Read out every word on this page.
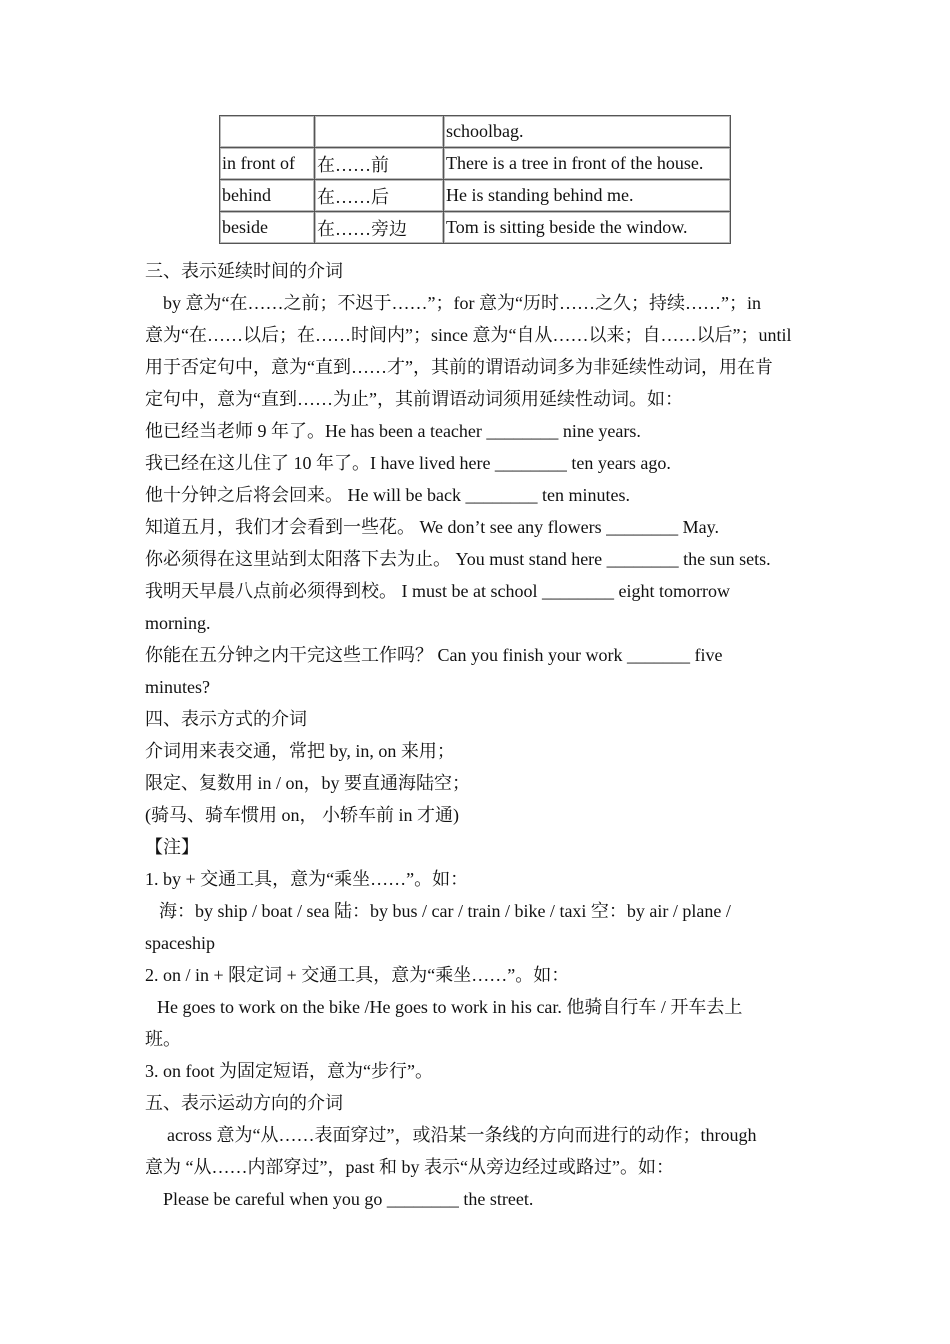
		schoolbag.
in front of	在……前	There is a tree in front of the house.
behind	在……后	He is standing behind me.
beside	在……旁边	Tom is sitting beside the window.
三、表示延续时间的介词
by 意为“在……之前；不迟于……”；for 意为“历时……之久；持续……”；in
意为“在……以后；在……时间内”；since 意为“自从……以来；自……以后”；until
用于否定句中，意为“直到……才”，其前的谓语动词多为非延续性动词，用在肯
定句中，意为“直到……为止”，其前谓语动词须用延续性动词。如：
他已经当老师 9 年了。He has been a teacher ________ nine years.
我已经在这儿住了 10 年了。I have lived here ________ ten years ago.
他十分钟之后将会回来。 He will be back ________ ten minutes.
知道五月，我们才会看到一些花。 We don’t see any flowers ________ May.
你必须得在这里站到太阳落下去为止。 You must stand here ________ the sun sets.
我明天早晨八点前必须得到校。 I must be at school ________ eight tomorrow
morning.
你能在五分钟之内干完这些工作吗？ Can you finish your work _______ five
minutes?
四、表示方式的介词
介词用来表交通，常把 by, in, on 来用；
限定、复数用 in / on，by 要直通海陆空；
(骑马、骑车惯用 on， 小轿车前 in 才通)
【注】
1. by + 交通工具，意为“乘坐……”。如：
海：by ship / boat / sea 陆：by bus / car / train / bike / taxi 空：by air / plane /
spaceship
2. on / in + 限定词 + 交通工具，意为“乘坐……”。如：
He goes to work on the bike /He goes to work in his car. 他骑自行车 / 开车去上
班。
3. on foot 为固定短语，意为“步行”。
五、表示运动方向的介词
across 意为“从……表面穿过”，或沿某一条线的方向而进行的动作；through
意为 “从……内部穿过”，past 和 by 表示“从旁边经过或路过”。如：
Please be careful when you go ________ the street.
